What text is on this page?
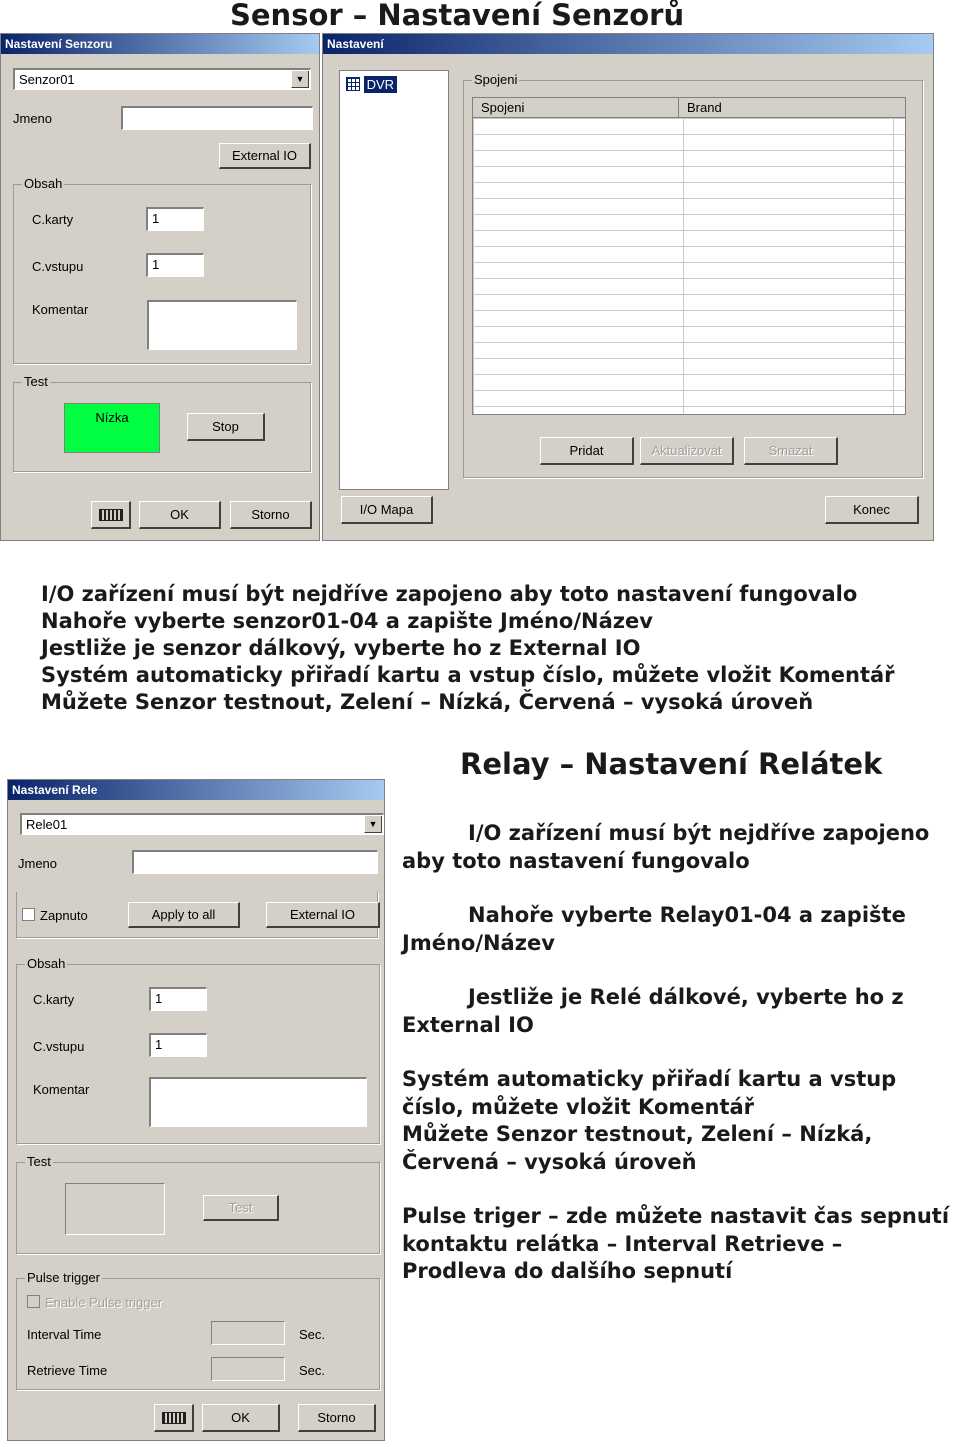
Sensor – Nastavení Senzorů
Nastavení Senzoru
Senzor01	▼
Jmeno
External IO
Obsah
C.karty	1
C.vstupu	1
Komentar
Test
Nízka
Stop
OK	Storno
Nastavení
DVR	Spojeni
Spojeni	Brand
Pridat	Aktualizovat	Smazat
I/O Mapa	Konec
I/O zařízení musí být nejdříve zapojeno aby toto nastavení fungovalo
Nahoře vyberte senzor01-04 a zapište Jméno/Název
Jestliže je senzor dálkový, vyberte ho z External IO
Systém automaticky přiřadí kartu a vstup číslo, můžete vložit Komentář
Můžete Senzor testnout, Zelení – Nízká, Červená – vysoká úroveň
Relay – Nastavení Relátek
Nastavení Rele
Rele01	▼
Jmeno
Zapnuto	Apply to all	External IO
Obsah
C.karty	1
C.vstupu	1
Komentar
Test
Test
Pulse trigger
Enable Pulse trigger
Interval Time	Sec.
Retrieve Time	Sec.
OK	Storno
I/O zařízení musí být nejdříve zapojeno aby toto nastavení fungovalo
Nahoře vyberte Relay01-04 a zapište Jméno/Název
Jestliže je Relé dálkové, vyberte ho z External IO
Systém automaticky přiřadí kartu a vstup číslo, můžete vložit Komentář
Můžete Senzor testnout, Zelení – Nízká, Červená – vysoká úroveň
Pulse triger – zde můžete nastavit čas sepnutí kontaktu relátka – Interval Retrieve – Prodleva do dalšího sepnutí
